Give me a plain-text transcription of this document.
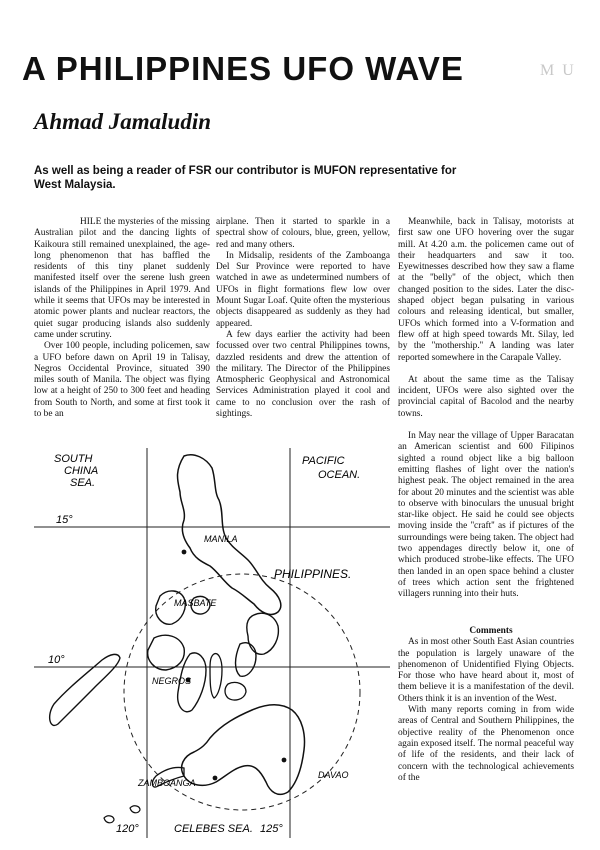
A PHILIPPINES UFO WAVE	M U
Ahmad Jamaludin

As well as being a reader of FSR our contributor is MUFON representative for West Malaysia.

HILE the mysteries of the missing Australian pilot and the dancing lights of Kaikoura still remained unexplained, the age-long phenomenon that has baffled the residents of this tiny planet suddenly manifested itself over the serene lush green islands of the Philippines in April 1979. And while it seems that UFOs may be interested in atomic power plants and nuclear reactors, the quiet sugar producing islands also suddenly came under scrutiny.

Over 100 people, including policemen, saw a UFO before dawn on April 19 in Talisay, Negros Occidental Province, situated 390 miles south of Manila. The object was flying low at a height of 250 to 300 feet and heading from South to North, and some at first took it to be an

airplane. Then it started to sparkle in a spectral show of colours, blue, green, yellow, red and many others.

In Midsalip, residents of the Zamboanga Del Sur Province were reported to have watched in awe as undetermined numbers of UFOs in flight formations flew low over Mount Sugar Loaf. Quite often the mysterious objects disappeared as suddenly as they had appeared.

A few days earlier the activity had been focussed over two central Philippines towns, dazzled residents and drew the attention of the military. The Director of the Philippines Atmospheric Geophysical and Astronomical Services Administration played it cool and came to no conclusion over the rash of sightings.

Meanwhile, back in Talisay, motorists at first saw one UFO hovering over the sugar mill. At 4.20 a.m. the policemen came out of their headquarters and saw it too. Eyewitnesses described how they saw a flame at the ''belly'' of the object, which then changed position to the sides. Later the disc-shaped object began pulsating in various colours and releasing identical, but smaller, UFOs which formed into a V-formation and flew off at high speed towards Mt. Silay, led by the ''mothership.'' A landing was later reported somewhere in the Carapale Valley.

At about the same time as the Talisay incident, UFOs were also sighted over the provincial capital of Bacolod and the nearby towns.

In May near the village of Upper Baracatan an American scientist and 600 Filipinos sighted a round object like a big balloon emitting flashes of light over the nation's highest peak. The object remained in the area for about 20 minutes and the scientist was able to observe with binoculars the unusual bright star-like object. He said he could see objects moving inside the ''craft'' as if pictures of the surroundings were being taken. The object had two appendages directly below it, one of which produced strobe-like effects. The UFO then landed in an open space behind a cluster of trees which action sent the frightened villagers running into their huts.

Comments

As in most other South East Asian countries the population is largely unaware of the phenomenon of Unidentified Flying Objects. For those who have heard about it, most of them believe it is a manifestation of the devil. Others think it is an invention of the West.

With many reports coming in from wide areas of Central and Southern Philippines, the objective reality of the Phenomenon once again exposed itself. The normal peaceful way of life of the residents, and their lack of concern with the technological achievements of the

SOUTH
CHINA
SEA.
PACIFIC
OCEAN.
15°
10°
MANILA
PHILIPPINES.
MASBATE
NEGROS
ZAMBOANGA
DAVAO
120°	CELEBES SEA. 125°
